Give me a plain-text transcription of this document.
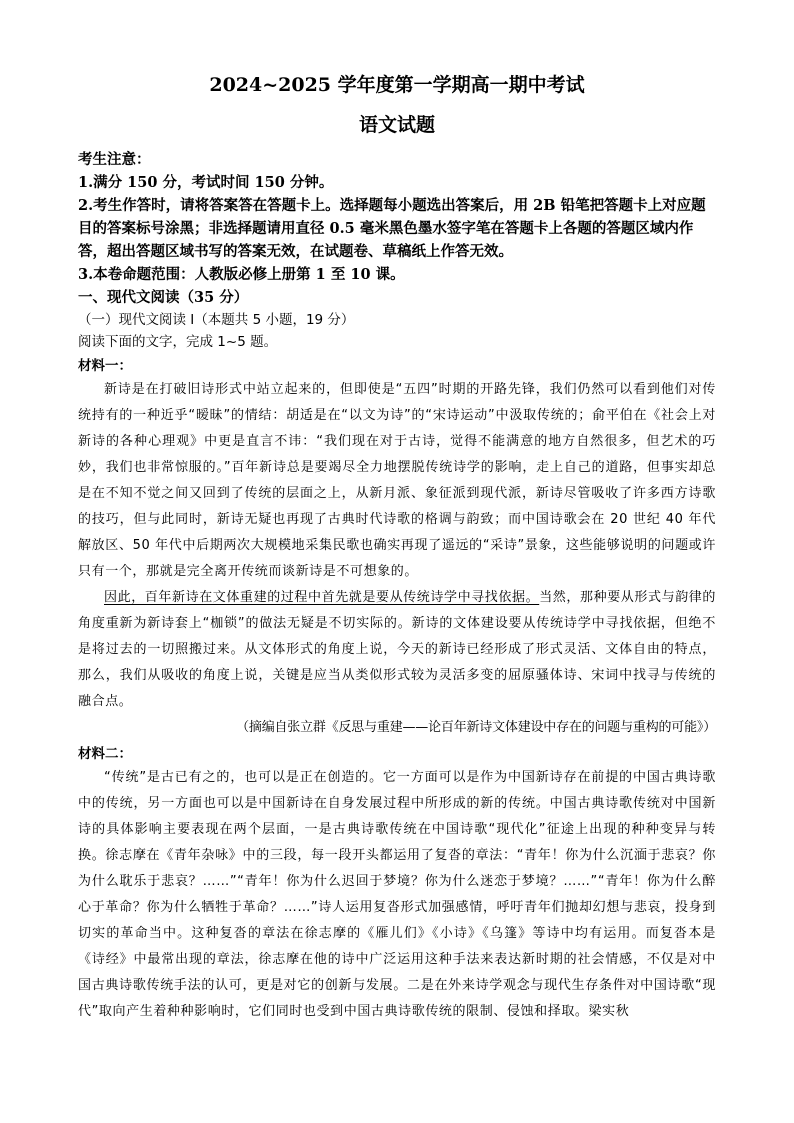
2024~2025 学年度第一学期高一期中考试
语文试题

考生注意：

1.满分 150 分，考试时间 150 分钟。

2.考生作答时，请将答案答在答题卡上。选择题每小题选出答案后，用 2B 铅笔把答题卡上对应题目的答案标号涂黑；非选择题请用直径 0.5 毫米黑色墨水签字笔在答题卡上各题的答题区域内作答，超出答题区域书写的答案无效，在试题卷、草稿纸上作答无效。

3.本卷命题范围：人教版必修上册第 1 至 10 课。

一、现代文阅读（35 分）

（一）现代文阅读 I（本题共 5 小题，19 分）

阅读下面的文字，完成 1~5 题。

材料一：

新诗是在打破旧诗形式中站立起来的，但即使是“五四”时期的开路先锋，我们仍然可以看到他们对传统持有的一种近乎“暧昧”的情结：胡适是在“以文为诗”的“宋诗运动”中汲取传统的；俞平伯在《社会上对新诗的各种心理观》中更是直言不讳：“我们现在对于古诗，觉得不能满意的地方自然很多，但艺术的巧妙，我们也非常惊服的。”百年新诗总是要竭尽全力地摆脱传统诗学的影响，走上自己的道路，但事实却总是在不知不觉之间又回到了传统的层面之上，从新月派、象征派到现代派，新诗尽管吸收了许多西方诗歌的技巧，但与此同时，新诗无疑也再现了古典时代诗歌的格调与韵致；而中国诗歌会在 20 世纪 40 年代解放区、50 年代中后期两次大规模地采集民歌也确实再现了遥远的“采诗”景象，这些能够说明的问题或许只有一个，那就是完全离开传统而谈新诗是不可想象的。

因此，百年新诗在文体重建的过程中首先就是要从传统诗学中寻找依据。当然，那种要从形式与韵律的角度重新为新诗套上“枷锁”的做法无疑是不切实际的。新诗的文体建设要从传统诗学中寻找依据，但绝不是将过去的一切照搬过来。从文体形式的角度上说，今天的新诗已经形成了形式灵活、文体自由的特点，那么，我们从吸收的角度上说，关键是应当从类似形式较为灵活多变的屈原骚体诗、宋词中找寻与传统的融合点。

（摘编自张立群《反思与重建——论百年新诗文体建设中存在的问题与重构的可能》）

材料二：

“传统”是古已有之的，也可以是正在创造的。它一方面可以是作为中国新诗存在前提的中国古典诗歌中的传统，另一方面也可以是中国新诗在自身发展过程中所形成的新的传统。中国古典诗歌传统对中国新诗的具体影响主要表现在两个层面，一是古典诗歌传统在中国诗歌“现代化”征途上出现的种种变异与转换。徐志摩在《青年杂咏》中的三段，每一段开头都运用了复沓的章法：“青年！你为什么沉湎于悲哀？你为什么耽乐于悲哀？……”“青年！你为什么迟回于梦境？你为什么迷恋于梦境？……”“青年！你为什么醉心于革命？你为什么牺牲于革命？……”诗人运用复沓形式加强感情，呼吁青年们抛却幻想与悲哀，投身到切实的革命当中。这种复沓的章法在徐志摩的《雁儿们》《小诗》《乌篷》等诗中均有运用。而复沓本是《诗经》中最常出现的章法，徐志摩在他的诗中广泛运用这种手法来表达新时期的社会情感，不仅是对中国古典诗歌传统手法的认可，更是对它的创新与发展。二是在外来诗学观念与现代生存条件对中国诗歌“现代”取向产生着种种影响时，它们同时也受到中国古典诗歌传统的限制、侵蚀和择取。梁实秋
